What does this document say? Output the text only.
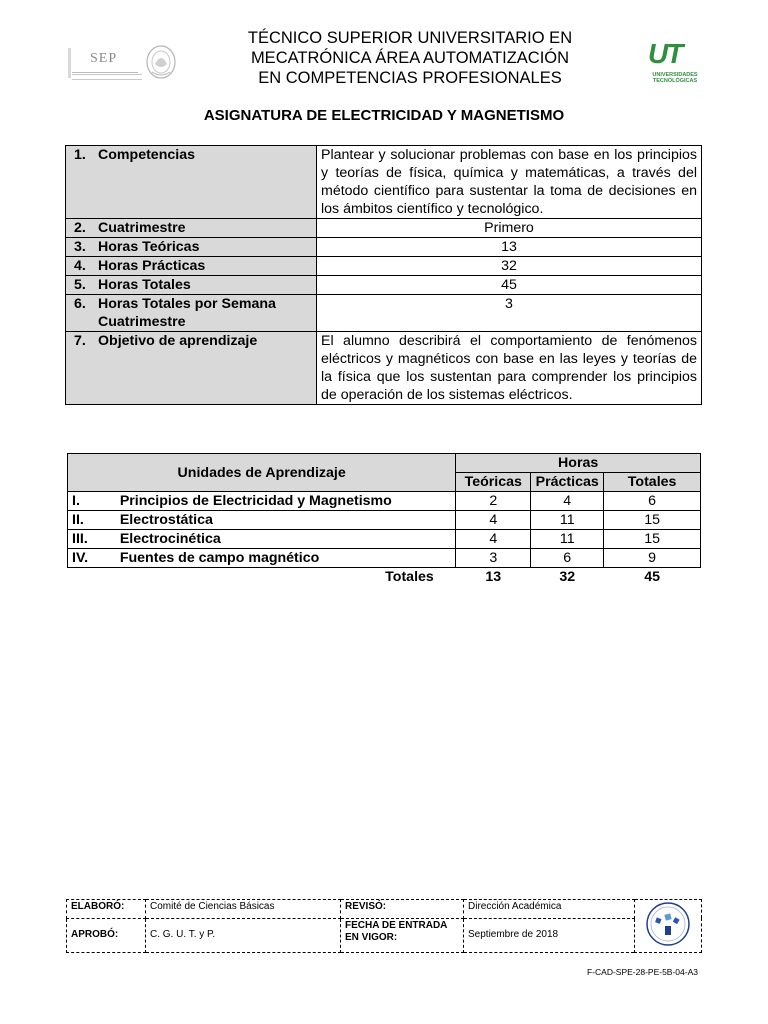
SEP
TÉCNICO SUPERIOR UNIVERSITARIO EN
MECATRÓNICA ÁREA AUTOMATIZACIÓN
EN COMPETENCIAS PROFESIONALES
UT
UNIVERSIDADES
TECNOLÓGICAS
ASIGNATURA DE ELECTRICIDAD Y MAGNETISMO
1. Competencias	Plantear y solucionar problemas con base en los principios y teorías de física, química y matemáticas, a través del método científico para sustentar la toma de decisiones en los ámbitos científico y tecnológico.
2. Cuatrimestre	Primero
3. Horas Teóricas	13
4. Horas Prácticas	32
5. Horas Totales	45
6. Horas Totales por Semana Cuatrimestre	3
7. Objetivo de aprendizaje	El alumno describirá el comportamiento de fenómenos eléctricos y magnéticos con base en las leyes y teorías de la física que los sustentan para comprender los principios de operación de los sistemas eléctricos.
Unidades de Aprendizaje		Horas		
		Teóricas	Prácticas	Totales
I.	Principios de Electricidad y Magnetismo	2	4	6
II.	Electrostática	4	11	15
III.	Electrocinética	4	11	15
IV.	Fuentes de campo magnético	3	6	9
Totales		13	32	45
ELABORÓ:	Comité de Ciencias Básicas	REVISÓ:	Dirección Académica	
APROBÓ:	C. G. U. T. y P.	FECHA DE ENTRADA EN VIGOR:	Septiembre de 2018	
F-CAD-SPE-28-PE-5B-04-A3
